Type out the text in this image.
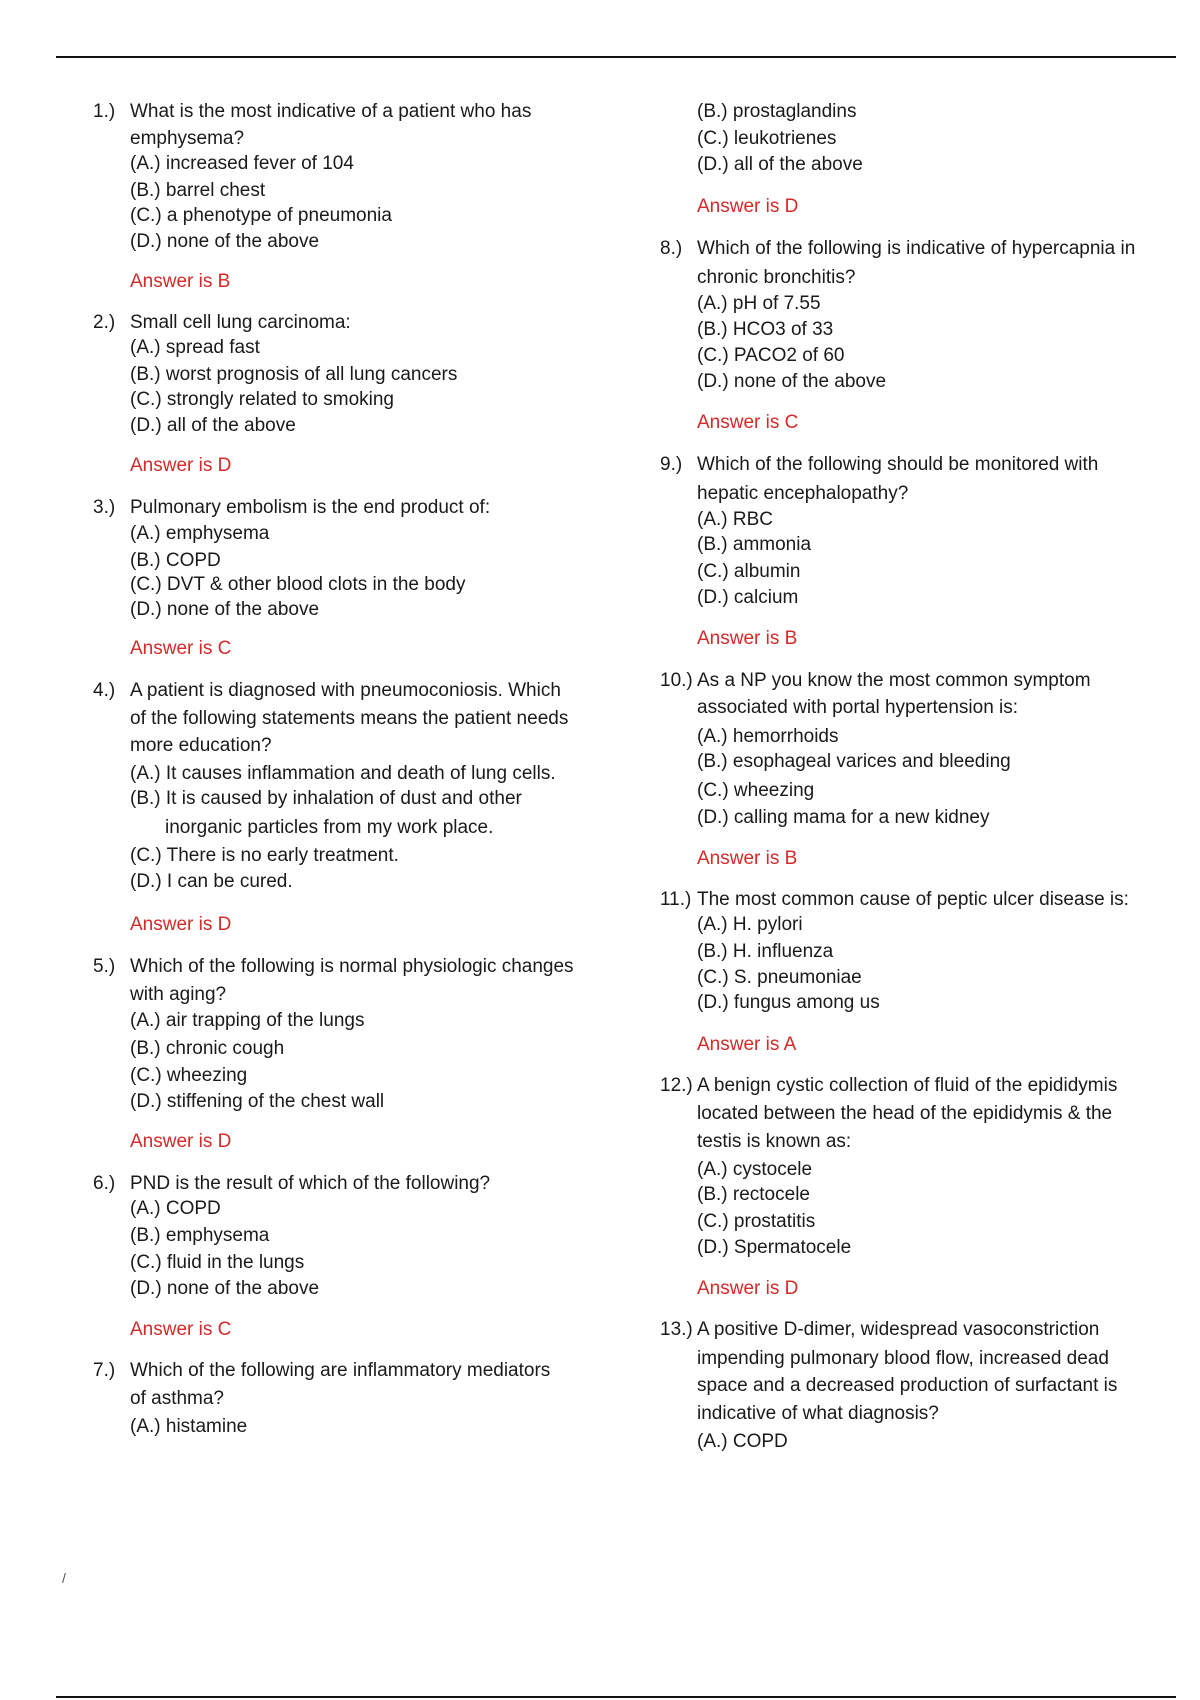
1.) What is the most indicative of a patient who has
emphysema?
(A.) increased fever of 104
(B.) barrel chest
(C.) a phenotype of pneumonia
(D.) none of the above
Answer is B
2.) Small cell lung carcinoma:
(A.) spread fast
(B.) worst prognosis of all lung cancers
(C.) strongly related to smoking
(D.) all of the above
Answer is D
3.) Pulmonary embolism is the end product of:
(A.) emphysema
(B.) COPD
(C.) DVT & other blood clots in the body
(D.) none of the above
Answer is C
4.) A patient is diagnosed with pneumoconiosis. Which
of the following statements means the patient needs
more education?
(A.) It causes inflammation and death of lung cells.
(B.) It is caused by inhalation of dust and other
inorganic particles from my work place.
(C.) There is no early treatment.
(D.) I can be cured.
Answer is D
5.) Which of the following is normal physiologic changes
with aging?
(A.) air trapping of the lungs
(B.) chronic cough
(C.) wheezing
(D.) stiffening of the chest wall
Answer is D
6.) PND is the result of which of the following?
(A.) COPD
(B.) emphysema
(C.) fluid in the lungs
(D.) none of the above
Answer is C
7.) Which of the following are inflammatory mediators
of asthma?
(A.) histamine
(B.) prostaglandins
(C.) leukotrienes
(D.) all of the above
Answer is D
8.) Which of the following is indicative of hypercapnia in
chronic bronchitis?
(A.) pH of 7.55
(B.) HCO3 of 33
(C.) PACO2 of 60
(D.) none of the above
Answer is C
9.) Which of the following should be monitored with
hepatic encephalopathy?
(A.) RBC
(B.) ammonia
(C.) albumin
(D.) calcium
Answer is B
10.) As a NP you know the most common symptom
associated with portal hypertension is:
(A.) hemorrhoids
(B.) esophageal varices and bleeding
(C.) wheezing
(D.) calling mama for a new kidney
Answer is B
11.) The most common cause of peptic ulcer disease is:
(A.) H. pylori
(B.) H. influenza
(C.) S. pneumoniae
(D.) fungus among us
Answer is A
12.) A benign cystic collection of fluid of the epididymis
located between the head of the epididymis & the
testis is known as:
(A.) cystocele
(B.) rectocele
(C.) prostatitis
(D.) Spermatocele
Answer is D
13.) A positive D-dimer, widespread vasoconstriction
impending pulmonary blood flow, increased dead
space and a decreased production of surfactant is
indicative of what diagnosis?
(A.) COPD
/
